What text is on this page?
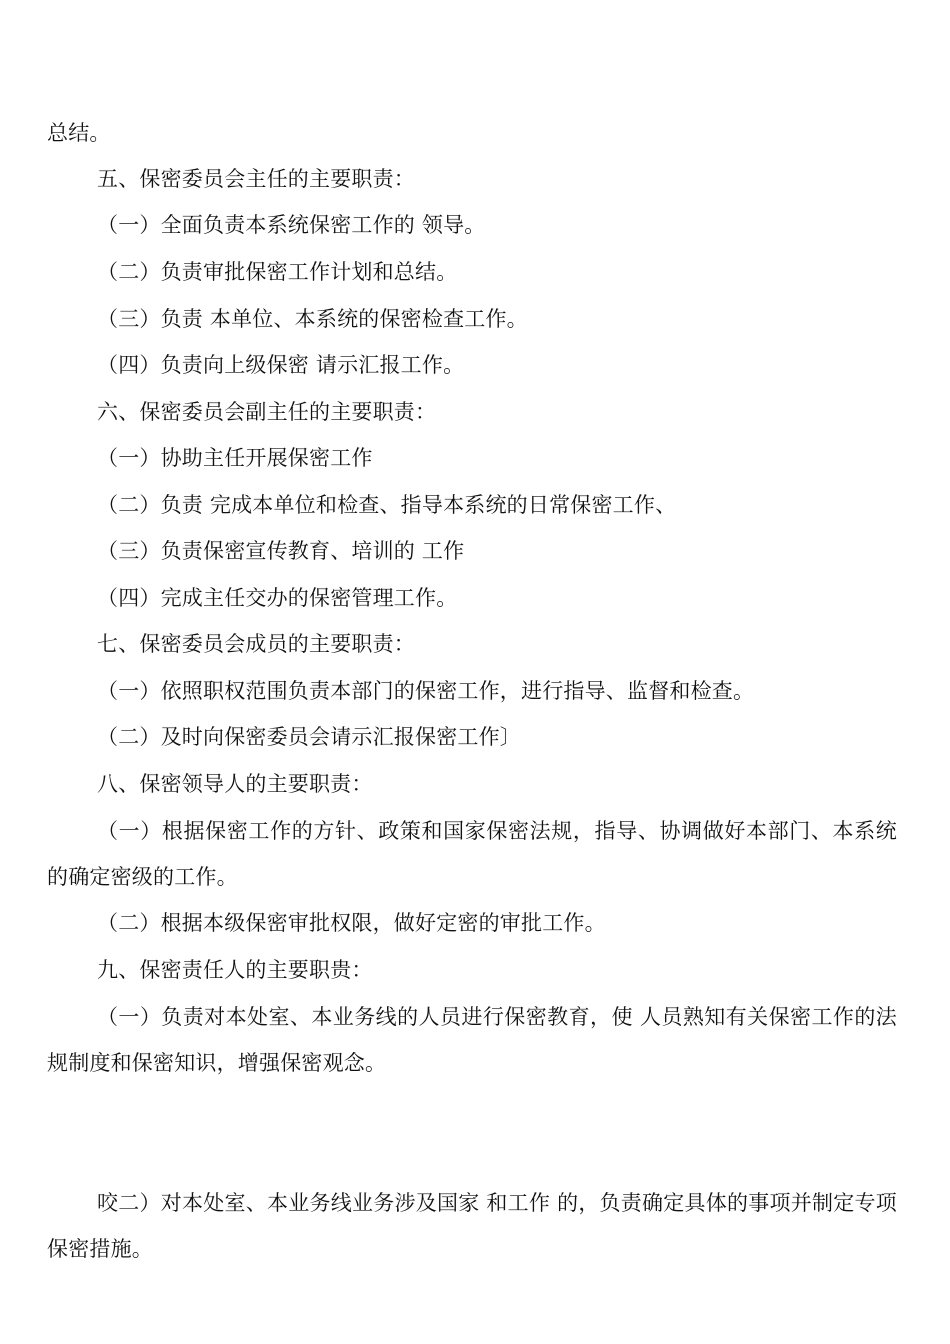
总结。
五、保密委员会主任的主要职责：
（一）全面负责本系统保密工作的 领导。
（二）负责审批保密工作计划和总结。
（三）负责 本单位、本系统的保密检查工作。
（四）负责向上级保密 请示汇报工作。
六、保密委员会副主任的主要职责：
（一）协助主任开展保密工作
（二）负责 完成本单位和检查、指导本系统的日常保密工作、
（三）负责保密宣传教育、培训的 工作
（四）完成主任交办的保密管理工作。
七、保密委员会成员的主要职责：
（一）依照职权范围负责本部门的保密工作，进行指导、监督和检查。
（二）及时向保密委员会请示汇报保密工作〕
八、保密领导人的主要职责：
（一）根据保密工作的方针、政策和国家保密法规，指导、协调做好本部门、本系统的确定密级的工作。
（二）根据本级保密审批权限，做好定密的审批工作。
九、保密责任人的主要职贵：
（一）负责对本处室、本业务线的人员进行保密教育，使 人员熟知有关保密工作的法规制度和保密知识，增强保密观念。
咬二）对本处室、本业务线业务涉及国家 和工作 的，负责确定具体的事项并制定专项保密措施。
